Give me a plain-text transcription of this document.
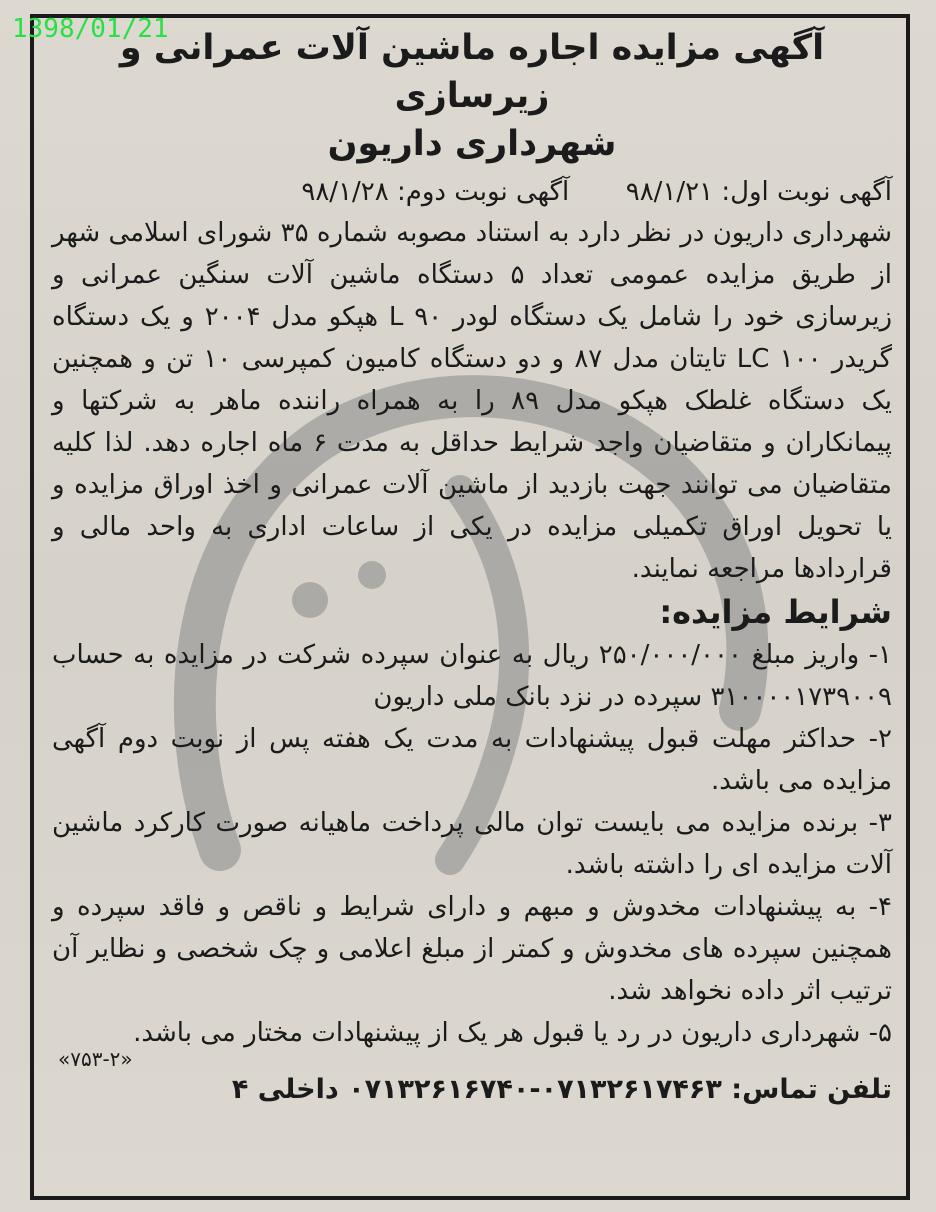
1398/01/21
آگهی مزایده اجاره ماشین آلات عمرانی و زیرسازی
شهرداری داریون
آگهی نوبت اول: ۹۸/۱/۲۱  آگهی نوبت دوم: ۹۸/۱/۲۸
شهرداری داریون در نظر دارد به استناد مصوبه شماره ۳۵ شورای اسلامی شهر از طریق مزایده عمومی تعداد ۵ دستگاه ماشین آلات سنگین عمرانی و زیرسازی خود را شامل یک دستگاه لودر L ۹۰ هپکو مدل ۲۰۰۴ و یک دستگاه گریدر LC ۱۰۰ تایتان مدل ۸۷ و دو دستگاه کامیون کمپرسی ۱۰ تن و همچنین یک دستگاه غلطک هپکو مدل ۸۹ را به همراه راننده ماهر به شرکتها و پیمانکاران و متقاضیان واجد شرایط حداقل به مدت ۶ ماه اجاره دهد. لذا کلیه متقاضیان می توانند جهت بازدید از ماشین آلات عمرانی و اخذ اوراق مزایده و یا تحویل اوراق تکمیلی مزایده در یکی از ساعات اداری به واحد مالی و قراردادها مراجعه نمایند.
شرایط مزایده:
۱- واریز مبلغ ۲۵۰/۰۰۰/۰۰۰ ریال به عنوان سپرده شرکت در مزایده به حساب ۳۱۰۰۰۰۱۷۳۹۰۰۹ سپرده در نزد بانک ملی داریون
۲- حداکثر مهلت قبول پیشنهادات به مدت یک هفته پس از نوبت دوم آگهی مزایده می باشد.
۳- برنده مزایده می بایست توان مالی پرداخت ماهیانه صورت کارکرد ماشین آلات مزایده ای را داشته باشد.
۴- به پیشنهادات مخدوش و مبهم و دارای شرایط و ناقص و فاقد سپرده و همچنین سپرده های مخدوش و کمتر از مبلغ اعلامی و چک شخصی و نظایر آن ترتیب اثر داده نخواهد شد.
۵- شهرداری داریون در رد یا قبول هر یک از پیشنهادات مختار می باشد.
«۷۵۳-۲»
تلفن تماس: ۰۷۱۳۲۶۱۷۴۶۳-۰۷۱۳۲۶۱۶۷۴۰ داخلی ۴
